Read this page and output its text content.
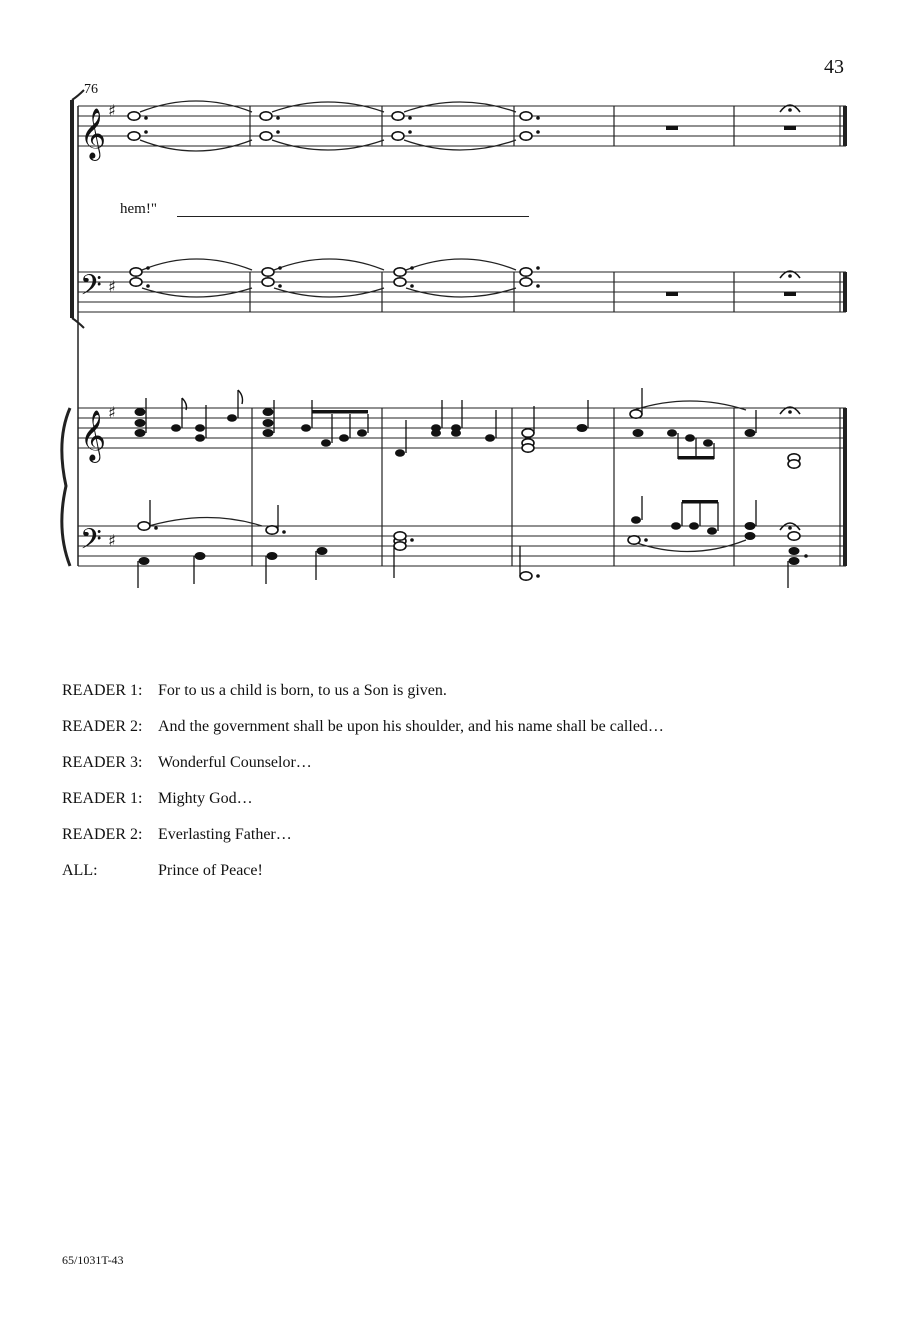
43
76
𝄞
𝄞
𝄢
𝄢
♯
♯
♯
♯
hem!"
READER 1: For to us a child is born, to us a Son is given.
READER 2: And the government shall be upon his shoulder, and his name shall be called…
READER 3: Wonderful Counselor…
READER 1: Mighty God…
READER 2: Everlasting Father…
ALL:	Prince of Peace!
65/1031T-43
